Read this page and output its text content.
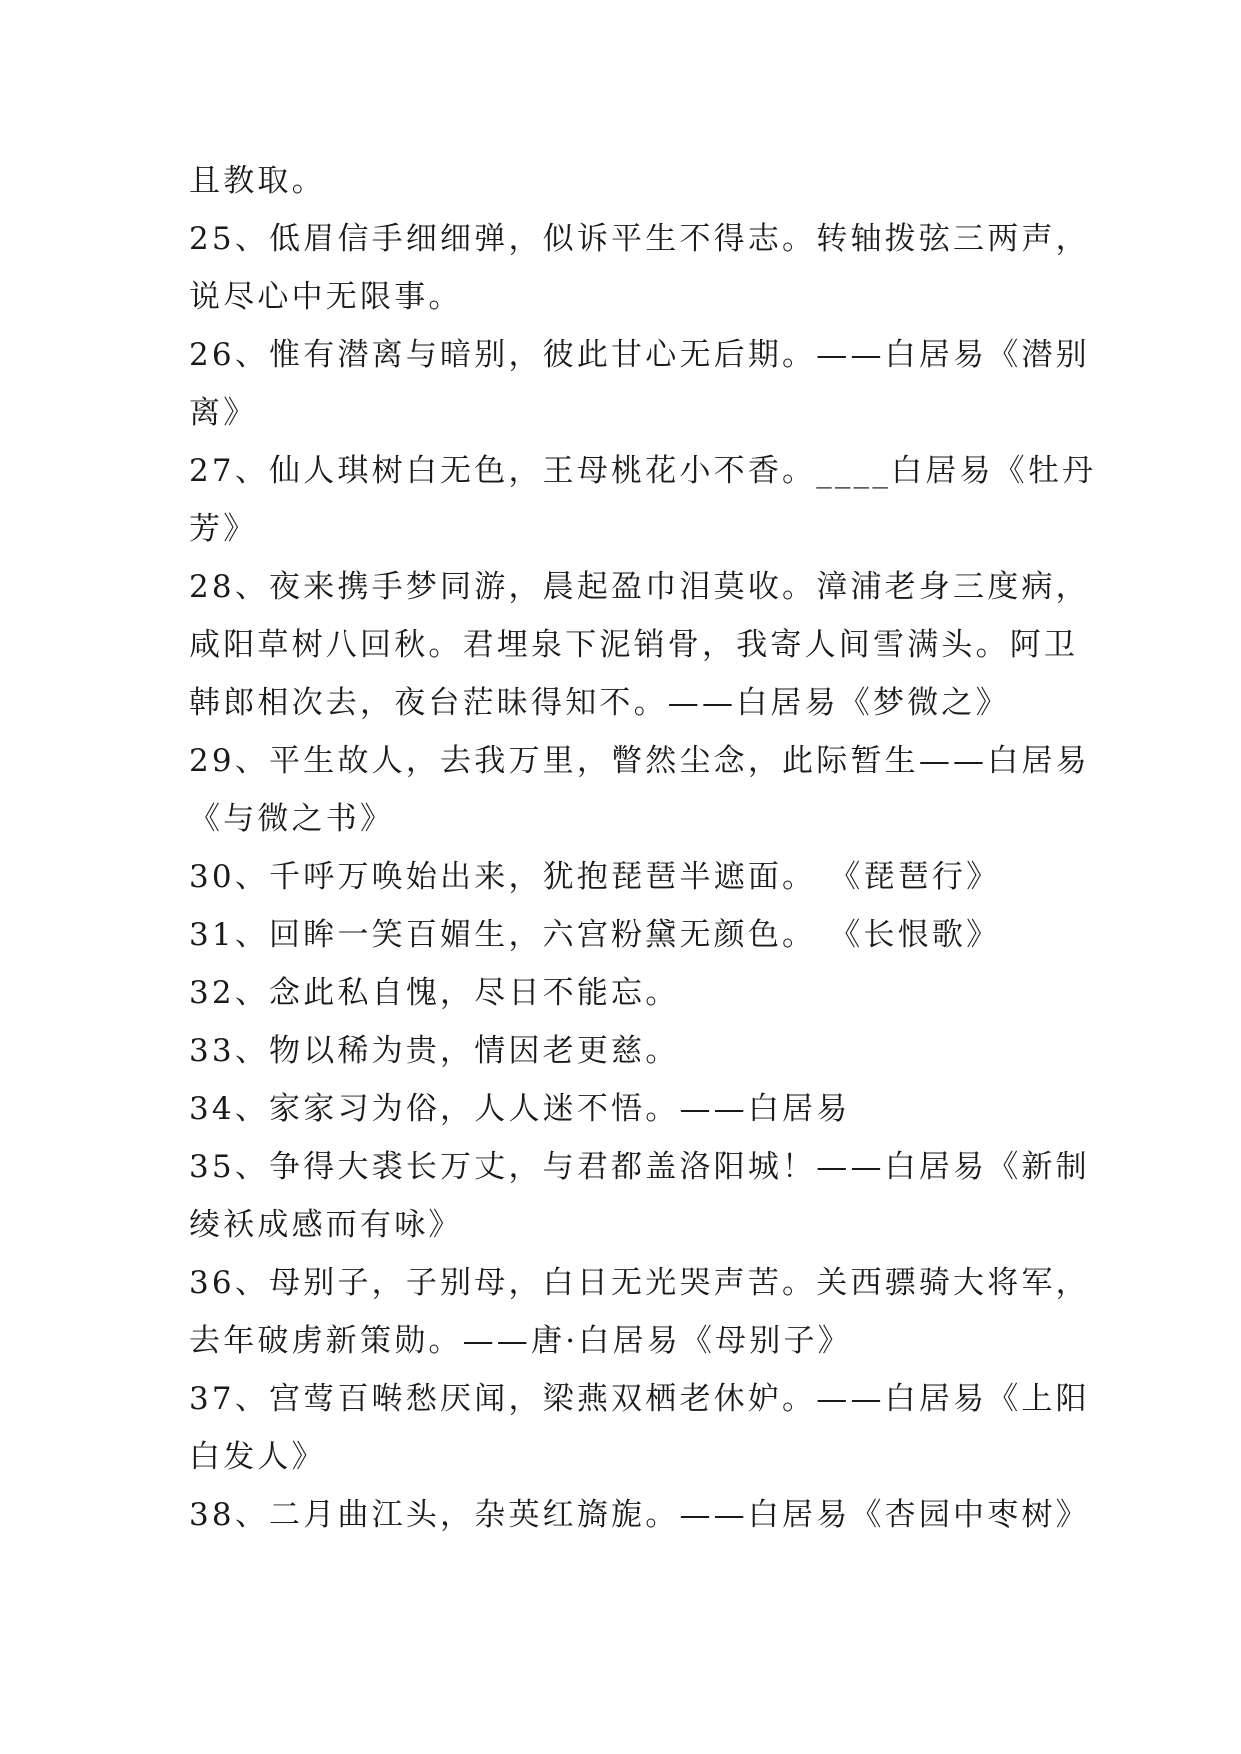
且教取。
25、低眉信手细细弹，似诉平生不得志。转轴拨弦三两声，
说尽心中无限事。
26、惟有潜离与暗别，彼此甘心无后期。——白居易《潜别
离》
27、仙人琪树白无色，王母桃花小不香。____白居易《牡丹
芳》
28、夜来携手梦同游，晨起盈巾泪莫收。漳浦老身三度病，
咸阳草树八回秋。君埋泉下泥销骨，我寄人间雪满头。阿卫
韩郎相次去，夜台茫昧得知不。——白居易《梦微之》
29、平生故人，去我万里，瞥然尘念，此际暂生——白居易
《与微之书》
30、千呼万唤始出来，犹抱琵琶半遮面。 《琵琶行》
31、回眸一笑百媚生，六宫粉黛无颜色。 《长恨歌》
32、念此私自愧，尽日不能忘。
33、物以稀为贵，情因老更慈。
34、家家习为俗，人人迷不悟。——白居易
35、争得大裘长万丈，与君都盖洛阳城！——白居易《新制
绫袄成感而有咏》
36、母别子，子别母，白日无光哭声苦。关西骠骑大将军，
去年破虏新策勋。——唐·白居易《母别子》
37、宫莺百啭愁厌闻，梁燕双栖老休妒。——白居易《上阳
白发人》
38、二月曲江头，杂英红旖旎。——白居易《杏园中枣树》
